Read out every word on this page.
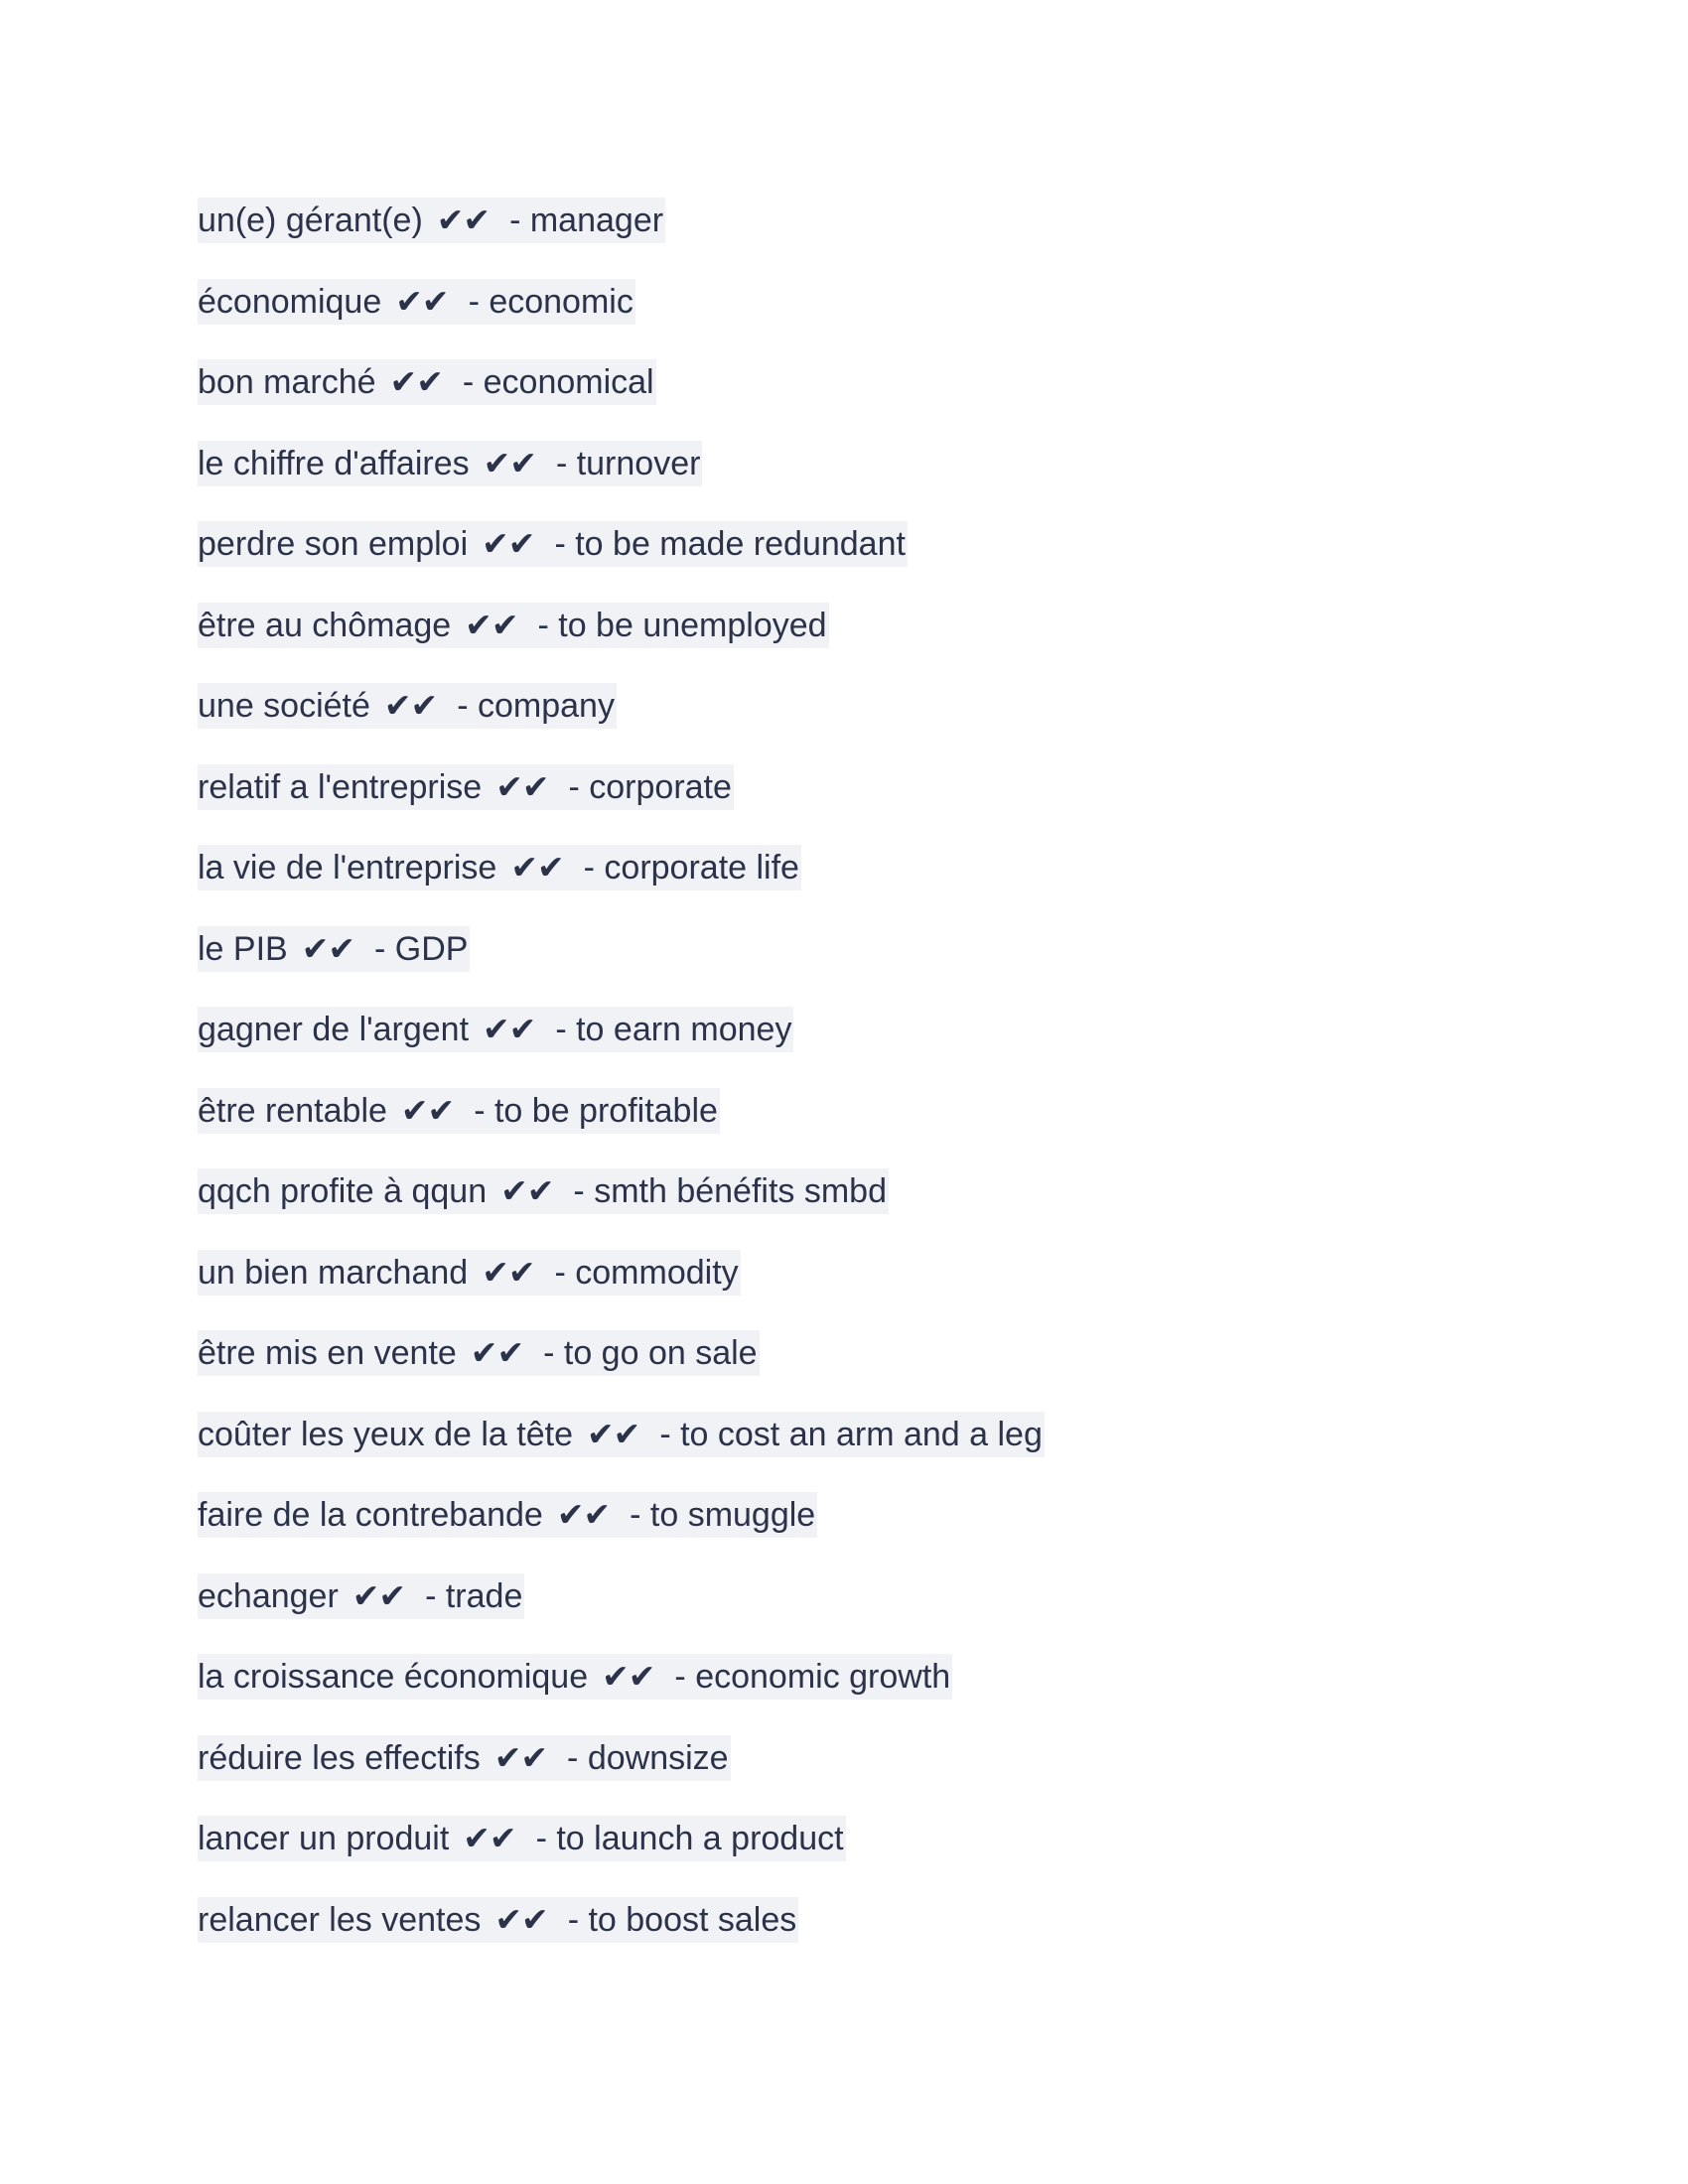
un(e) gérant(e) ✔✔ - manager
économique ✔✔ - economic
bon marché ✔✔ - economical
le chiffre d'affaires ✔✔ - turnover
perdre son emploi ✔✔ - to be made redundant
être au chômage ✔✔ - to be unemployed
une société ✔✔ - company
relatif a l'entreprise ✔✔ - corporate
la vie de l'entreprise ✔✔ - corporate life
le PIB ✔✔ - GDP
gagner de l'argent ✔✔ - to earn money
être rentable ✔✔ - to be profitable
qqch profite à qqun ✔✔ - smth bénéfits smbd
un bien marchand ✔✔ - commodity
être mis en vente ✔✔ - to go on sale
coûter les yeux de la tête ✔✔ - to cost an arm and a leg
faire de la contrebande ✔✔ - to smuggle
echanger ✔✔ - trade
la croissance économique ✔✔ - economic growth
réduire les effectifs ✔✔ - downsize
lancer un produit ✔✔ - to launch a product
relancer les ventes ✔✔ - to boost sales
